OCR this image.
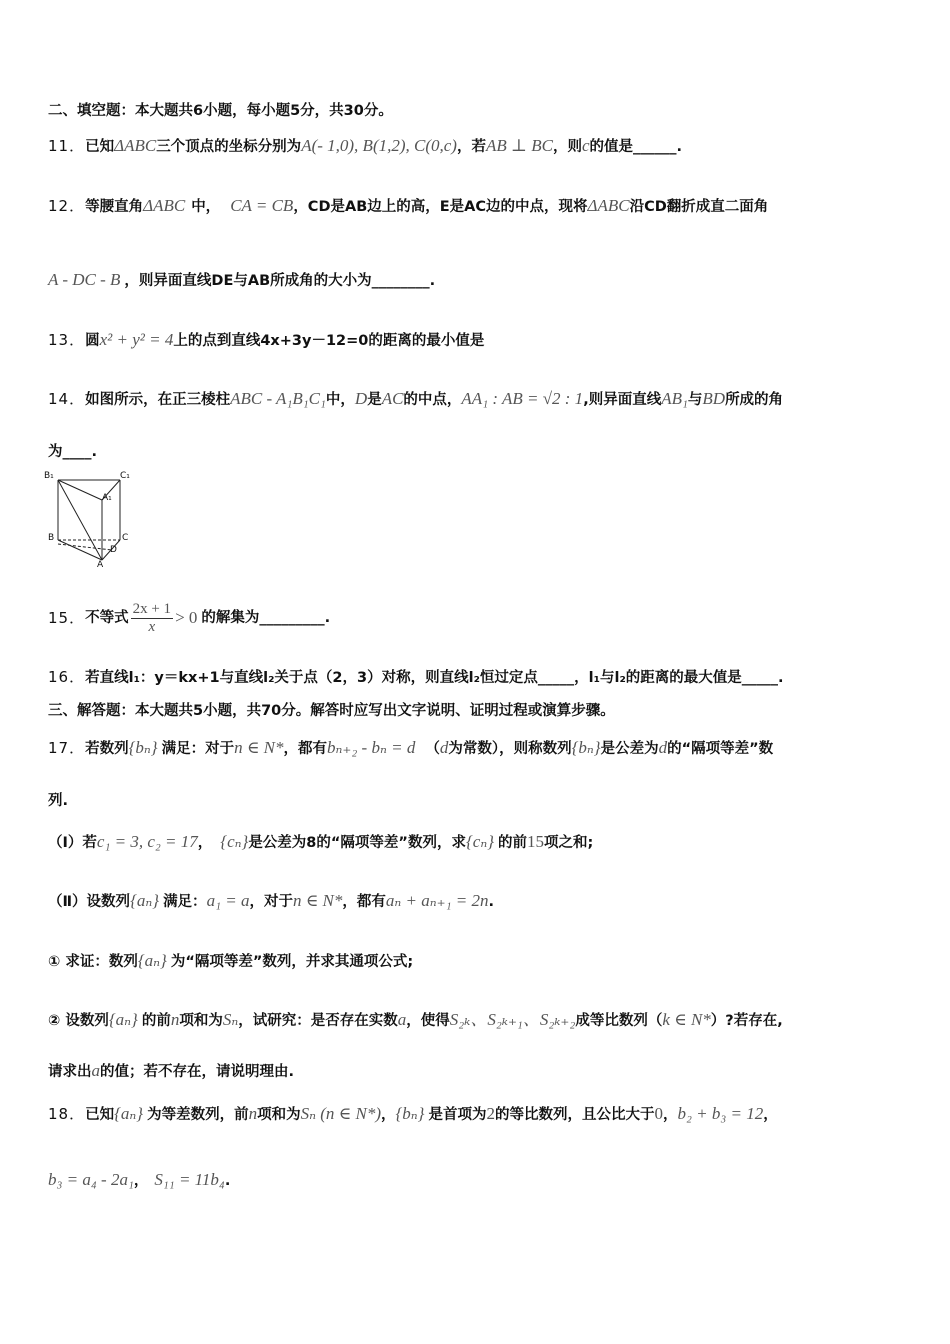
二、填空题：本大题共6小题，每小题5分，共30分。
11．已知ΔABC三个顶点的坐标分别为A(- 1,0), B(1,2), C(0,c)，若AB ⊥ BC，则c的值是______.
12．等腰直角ΔABC 中， CA = CB，CD是AB边上的高，E是AC边的中点，现将ΔABC沿CD翻折成直二面角
A - DC - B ，则异面直线DE与AB所成角的大小为________.
13．圆x² + y² = 4上的点到直线4x+3y－12=0的距离的最小值是
14．如图所示，在正三棱柱ABC - A₁B₁C₁中，D是AC的中点，AA₁ : AB = √2 : 1,则异面直线AB₁与BD所成的角
为____.
B₁	C₁
A₁
B	C
D
A
15． 不等式 $\frac{2x + 1}{x} > 0$ 的解集为_________.
16．若直线l₁：y＝kx+1与直线l₂关于点（2，3）对称，则直线l₂恒过定点_____，l₁与l₂的距离的最大值是_____.
三、解答题：本大题共5小题，共70分。解答时应写出文字说明、证明过程或演算步骤。
17．若数列{bₙ} 满足：对于n ∈ N*，都有bₙ₊₂ - bₙ = d （d为常数），则称数列{bₙ}是公差为d的“隔项等差”数
列.
（Ⅰ）若c₁ = 3, c₂ = 17， {cₙ}是公差为8的“隔项等差”数列，求{cₙ} 的前15项之和;
（Ⅱ）设数列{aₙ} 满足：a₁ = a，对于n ∈ N*，都有aₙ + aₙ₊₁ = 2n.
① 求证：数列{aₙ} 为“隔项等差”数列，并求其通项公式;
② 设数列{aₙ} 的前n项和为Sₙ，试研究：是否存在实数a，使得S₂ₖ、S₂ₖ₊₁、S₂ₖ₊₂成等比数列（k ∈ N*）?若存在,
请求出a的值；若不存在，请说明理由.
18．已知{aₙ} 为等差数列，前n项和为Sₙ (n ∈ N*)，{bₙ} 是首项为2的等比数列，且公比大于0，b₂ + b₃ = 12，
b₃ = a₄ - 2a₁， S₁₁ = 11b₄.
